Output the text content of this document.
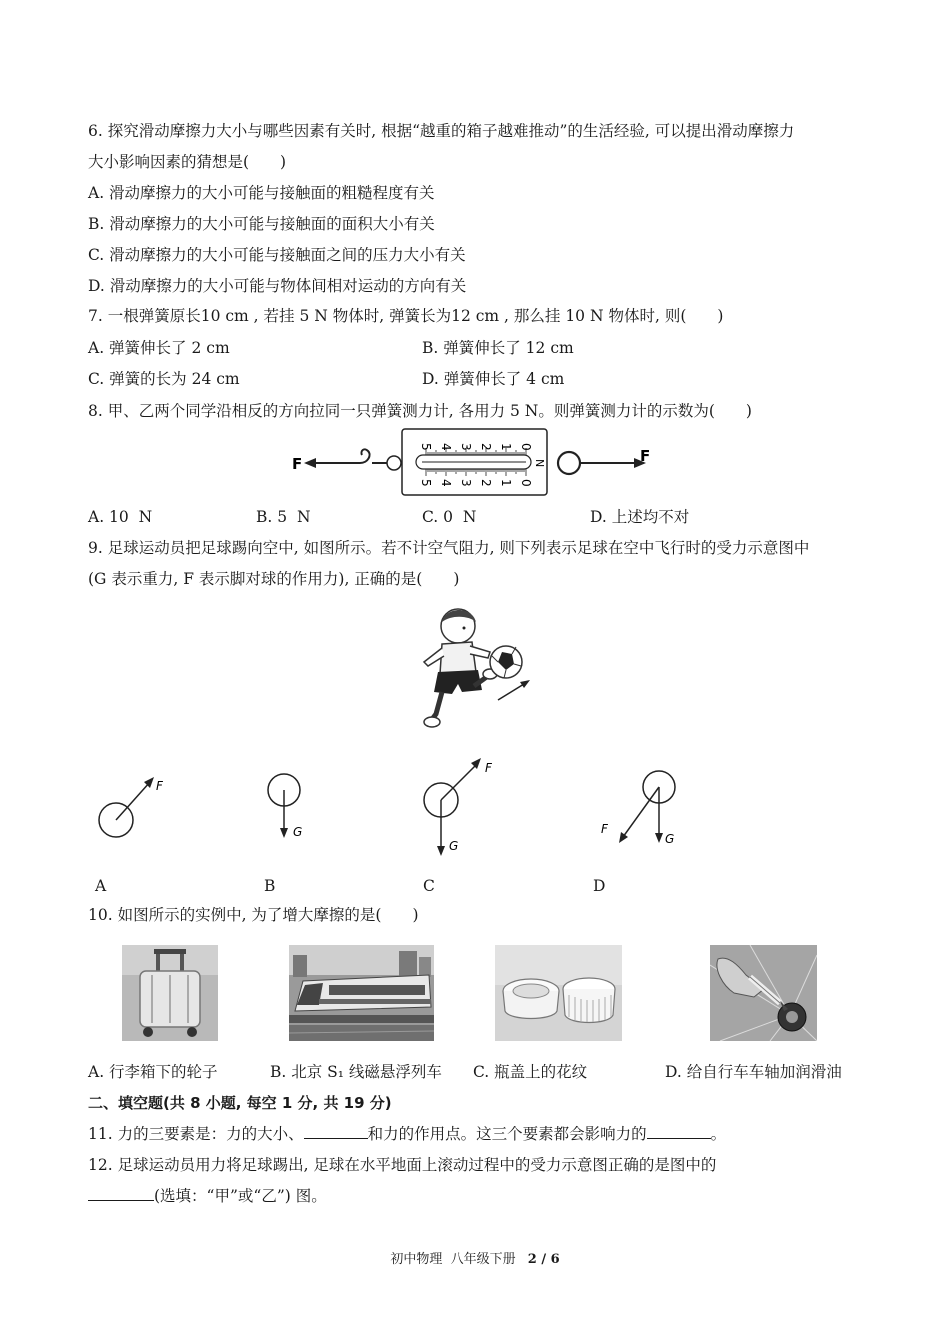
6. 探究滑动摩擦力大小与哪些因素有关时, 根据“越重的箱子越难推动”的生活经验, 可以提出滑动摩擦力
大小影响因素的猜想是(　　)
A. 滑动摩擦力的大小可能与接触面的粗糙程度有关
B. 滑动摩擦力的大小可能与接触面的面积大小有关
C. 滑动摩擦力的大小可能与接触面之间的压力大小有关
D. 滑动摩擦力的大小可能与物体间相对运动的方向有关
7. 一根弹簧原长10 cm , 若挂 5 N 物体时, 弹簧长为12 cm , 那么挂 10 N 物体时, 则(　　)
A. 弹簧伸长了 2 cm	B. 弹簧伸长了 12 cm
C. 弹簧的长为 24 cm	D. 弹簧伸长了 4 cm
8. 甲、乙两个同学沿相反的方向拉同一只弹簧测力计, 各用力 5 N。则弹簧测力计的示数为(　　)
F
5 4 3 2 1 0
5 4 3 2 1 0
N	F
A. 10  N	B. 5  N	C. 0  N	D. 上述均不对
9. 足球运动员把足球踢向空中, 如图所示。若不计空气阻力, 则下列表示足球在空中飞行时的受力示意图中
(G 表示重力, F 表示脚对球的作用力), 正确的是(　　)
F
G
F
G
F
G
A	B	C	D
10. 如图所示的实例中, 为了增大摩擦的是(　　)
A. 行李箱下的轮子	B. 北京 S₁ 线磁悬浮列车 C. 瓶盖上的花纹	D. 给自行车车轴加润滑油
二、填空题(共 8 小题, 每空 1 分, 共 19 分)
11. 力的三要素是：力的大小、	和力的作用点。这三个要素都会影响力的	。
12. 足球运动员用力将足球踢出, 足球在水平地面上滚动过程中的受力示意图正确的是图中的
(选填：“甲”或“乙”) 图。
初中物理  八年级下册 2 / 6
